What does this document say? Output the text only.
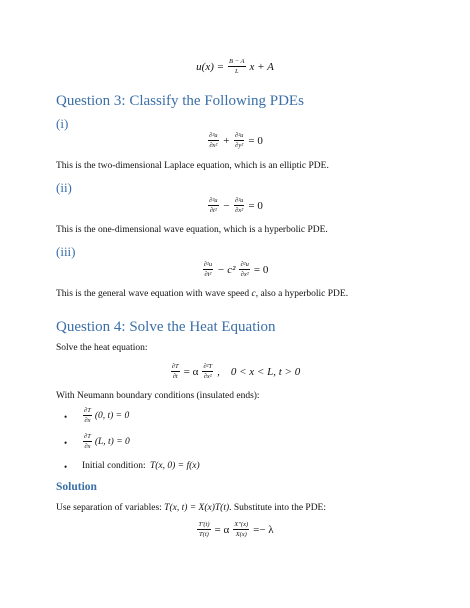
$u(x) = \frac{B - A}{L}$ x + A
Question 3: Classify the Following PDEs
(i)
$\frac{\text{∂²u}}{\text{∂x²}} + \frac{\text{∂²u}}{\text{∂y²}} = 0$
This is the two-dimensional Laplace equation, which is an elliptic PDE.
(ii)
$\frac{\text{∂²u}}{\text{∂t²}} - \frac{\text{∂²u}}{\text{∂x²}} = 0$
This is the one-dimensional wave equation, which is a hyperbolic PDE.
(iii)
$\frac{\text{∂²u}}{\text{∂t²}} - c^2 \frac{\text{∂²u}}{\text{∂x²}} = 0$
This is the general wave equation with wave speed c, also a hyperbolic PDE.
Question 4: Solve the Heat Equation
Solve the heat equation:
$\frac{\partial T}{\partial t} = \alpha \frac{\text{∂²T}}{\text{∂x²}}$ ,    0 < x < L, t > 0
With Neumann boundary conditions (insulated ends):
• $\frac{\partial T}{\partial x} (0$, t) = 0
• $\frac{\partial T}{\partial x} (L$, t) = 0
• Initial condition: T(x, 0) = f(x)
Solution
Use separation of variables: T(x, t) = X(x)T(t). Substitute into the PDE:
$\frac{T'(t)}{T(t)} = \alpha \frac{X''(x)}{X(x)} =- \lambda$
